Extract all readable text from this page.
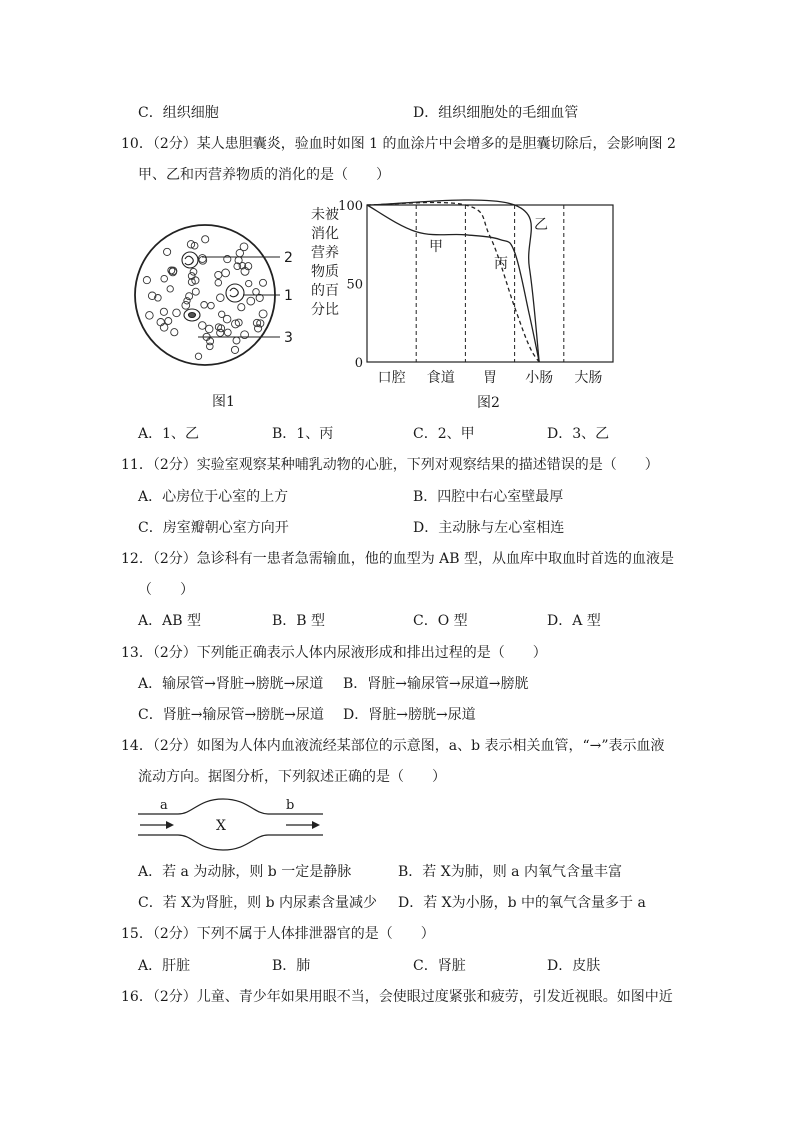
C．组织细胞	D．组织细胞处的毛细血管
10．（2分）某人患胆囊炎，验血时如图 1 的血涂片中会增多的是胆囊切除后，会影响图 2
甲、乙和丙营养物质的消化的是（　　）
2
1
3
图1
未被
消化
营养
物质
的百
分比
100
50
0
口腔 食道 胃 小肠 大肠
甲
乙
丙
图2
A．1、乙	B．1、丙	C．2、甲	D．3、乙
11．（2分）实验室观察某种哺乳动物的心脏，下列对观察结果的描述错误的是（　　）
A．心房位于心室的上方	B．四腔中右心室壁最厚
C．房室瓣朝心室方向开	D．主动脉与左心室相连
12．（2分）急诊科有一患者急需输血，他的血型为 AB 型，从血库中取血时首选的血液是
（　　）
A．AB 型	B．B 型	C．O 型	D．A 型
13．（2分）下列能正确表示人体内尿液形成和排出过程的是（　　）
A．输尿管→肾脏→膀胱→尿道 B．肾脏→输尿管→尿道→膀胱
C．肾脏→输尿管→膀胱→尿道 D．肾脏→膀胱→尿道
14．（2分）如图为人体内血液流经某部位的示意图，a、b 表示相关血管，“→”表示血液
流动方向。据图分析，下列叙述正确的是（　　）
a	b
X
A．若 a 为动脉，则 b 一定是静脉	B．若 X为肺，则 a 内氧气含量丰富
C．若 X为肾脏，则 b 内尿素含量减少 D．若 X为小肠，b 中的氧气含量多于 a
15．（2分）下列不属于人体排泄器官的是（　　）
A．肝脏	B．肺	C．肾脏	D．皮肤
16．（2分）儿童、青少年如果用眼不当，会使眼过度紧张和疲劳，引发近视眼。如图中近
